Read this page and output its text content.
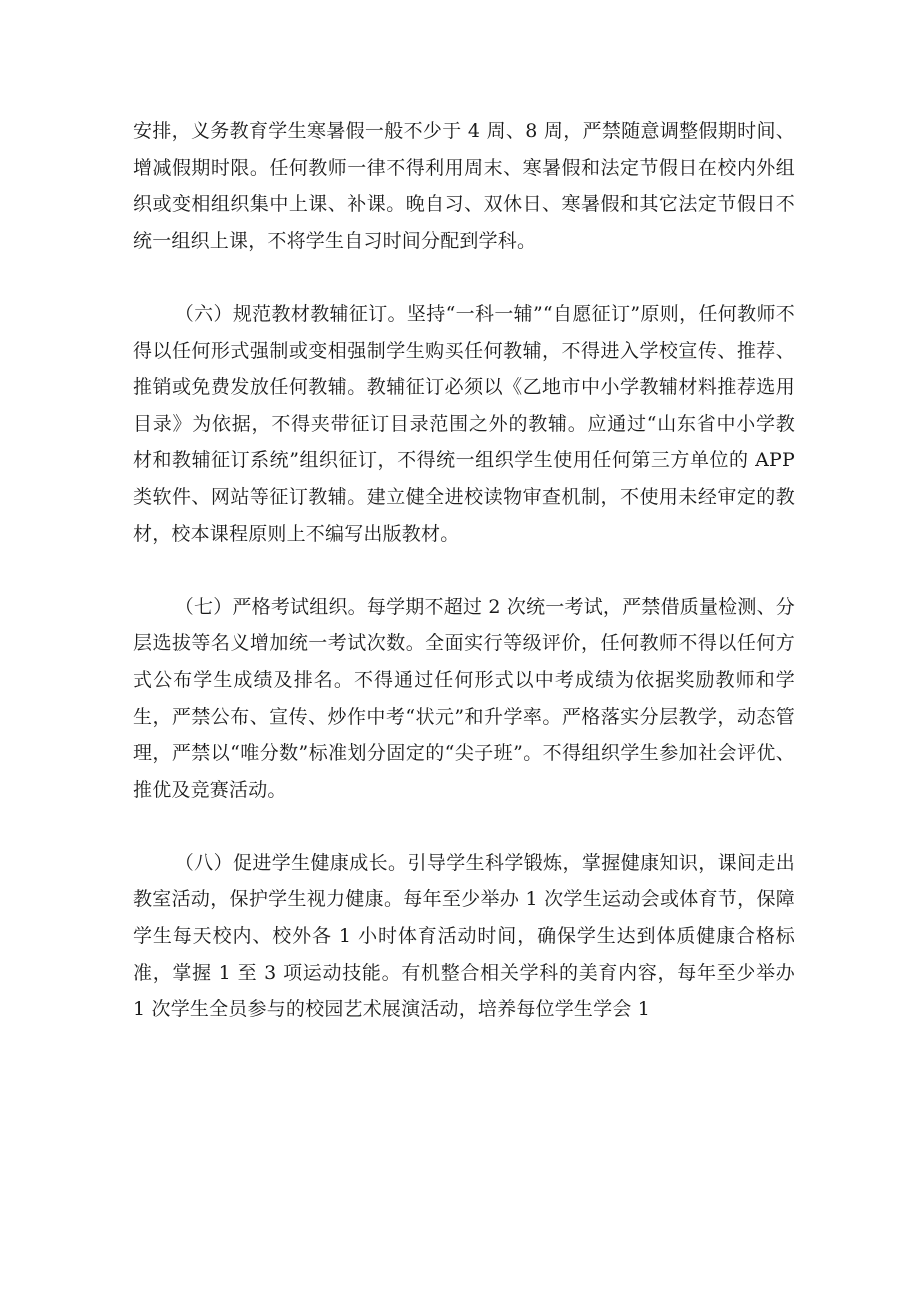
安排，义务教育学生寒暑假一般不少于 4 周、8 周，严禁随意调整假期时间、增减假期时限。任何教师一律不得利用周末、寒暑假和法定节假日在校内外组织或变相组织集中上课、补课。晚自习、双休日、寒暑假和其它法定节假日不统一组织上课，不将学生自习时间分配到学科。

（六）规范教材教辅征订。坚持“一科一辅”“自愿征订”原则，任何教师不得以任何形式强制或变相强制学生购买任何教辅，不得进入学校宣传、推荐、推销或免费发放任何教辅。教辅征订必须以《乙地市中小学教辅材料推荐选用目录》为依据，不得夹带征订目录范围之外的教辅。应通过“山东省中小学教材和教辅征订系统”组织征订，不得统一组织学生使用任何第三方单位的 APP 类软件、网站等征订教辅。建立健全进校读物审查机制，不使用未经审定的教材，校本课程原则上不编写出版教材。

（七）严格考试组织。每学期不超过 2 次统一考试，严禁借质量检测、分层选拔等名义增加统一考试次数。全面实行等级评价，任何教师不得以任何方式公布学生成绩及排名。不得通过任何形式以中考成绩为依据奖励教师和学生，严禁公布、宣传、炒作中考“状元”和升学率。严格落实分层教学，动态管理，严禁以“唯分数”标准划分固定的“尖子班”。不得组织学生参加社会评优、推优及竞赛活动。

（八）促进学生健康成长。引导学生科学锻炼，掌握健康知识，课间走出教室活动，保护学生视力健康。每年至少举办 1 次学生运动会或体育节，保障学生每天校内、校外各 1 小时体育活动时间，确保学生达到体质健康合格标准，掌握 1 至 3 项运动技能。有机整合相关学科的美育内容，每年至少举办 1 次学生全员参与的校园艺术展演活动，培养每位学生学会 1
